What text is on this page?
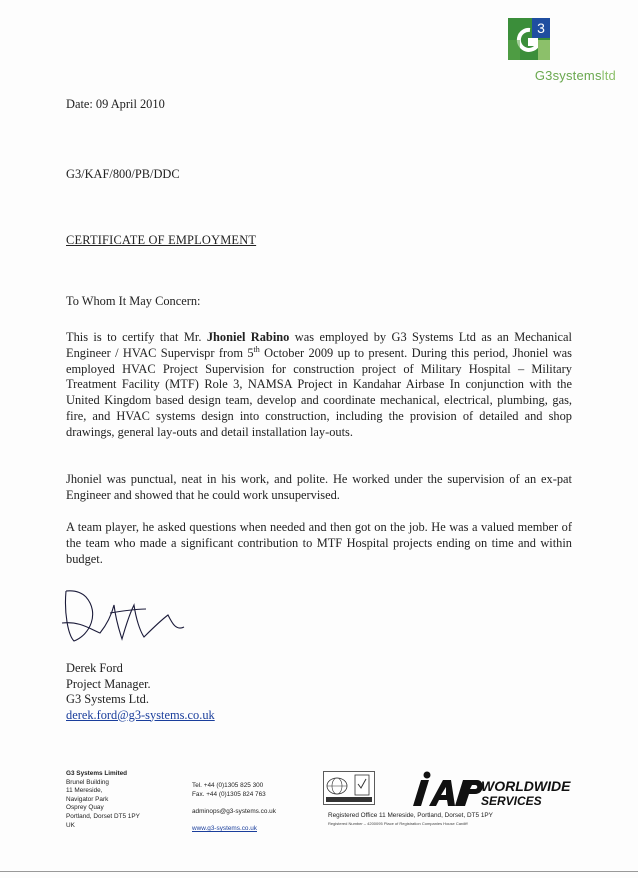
3
G3systemsltd
Date: 09 April 2010
G3/KAF/800/PB/DDC
CERTIFICATE OF EMPLOYMENT
To Whom It May Concern:
This is to certify that Mr. Jhoniel Rabino was employed by G3 Systems Ltd as an Mechanical Engineer / HVAC Supervispr from 5th October 2009 up to present. During this period, Jhoniel was employed HVAC Project Supervision for construction project of Military Hospital – Military Treatment Facility (MTF) Role 3, NAMSA Project in Kandahar Airbase In conjunction with the United Kingdom based design team, develop and coordinate mechanical, electrical, plumbing, gas, fire, and HVAC systems design into construction, including the provision of detailed and shop drawings, general lay-outs and detail installation lay-outs.
Jhoniel was punctual, neat in his work, and polite. He worked under the supervision of an ex-pat Engineer and showed that he could work unsupervised.
A team player, he asked questions when needed and then got on the job. He was a valued member of the team who made a significant contribution to MTF Hospital projects ending on time and within budget.
Derek Ford
Project Manager.
G3 Systems Ltd.
derek.ford@g3-systems.co.uk
G3 Systems Limited
Brunel Building
11 Mereside,
Navigator Park
Osprey Quay
Portland, Dorset DT5 1PY
UK
Tel. +44 (0)1305 825 300
Fax. +44 (0)1305 824 763
adminops@g3-systems.co.uk
www.g3-systems.co.uk
WORLDWIDE
SERVICES
Registered Office 11 Mereside, Portland, Dorset, DT5 1PY
Registered Number – 4200095 Place of Registration Companies House Cardiff
